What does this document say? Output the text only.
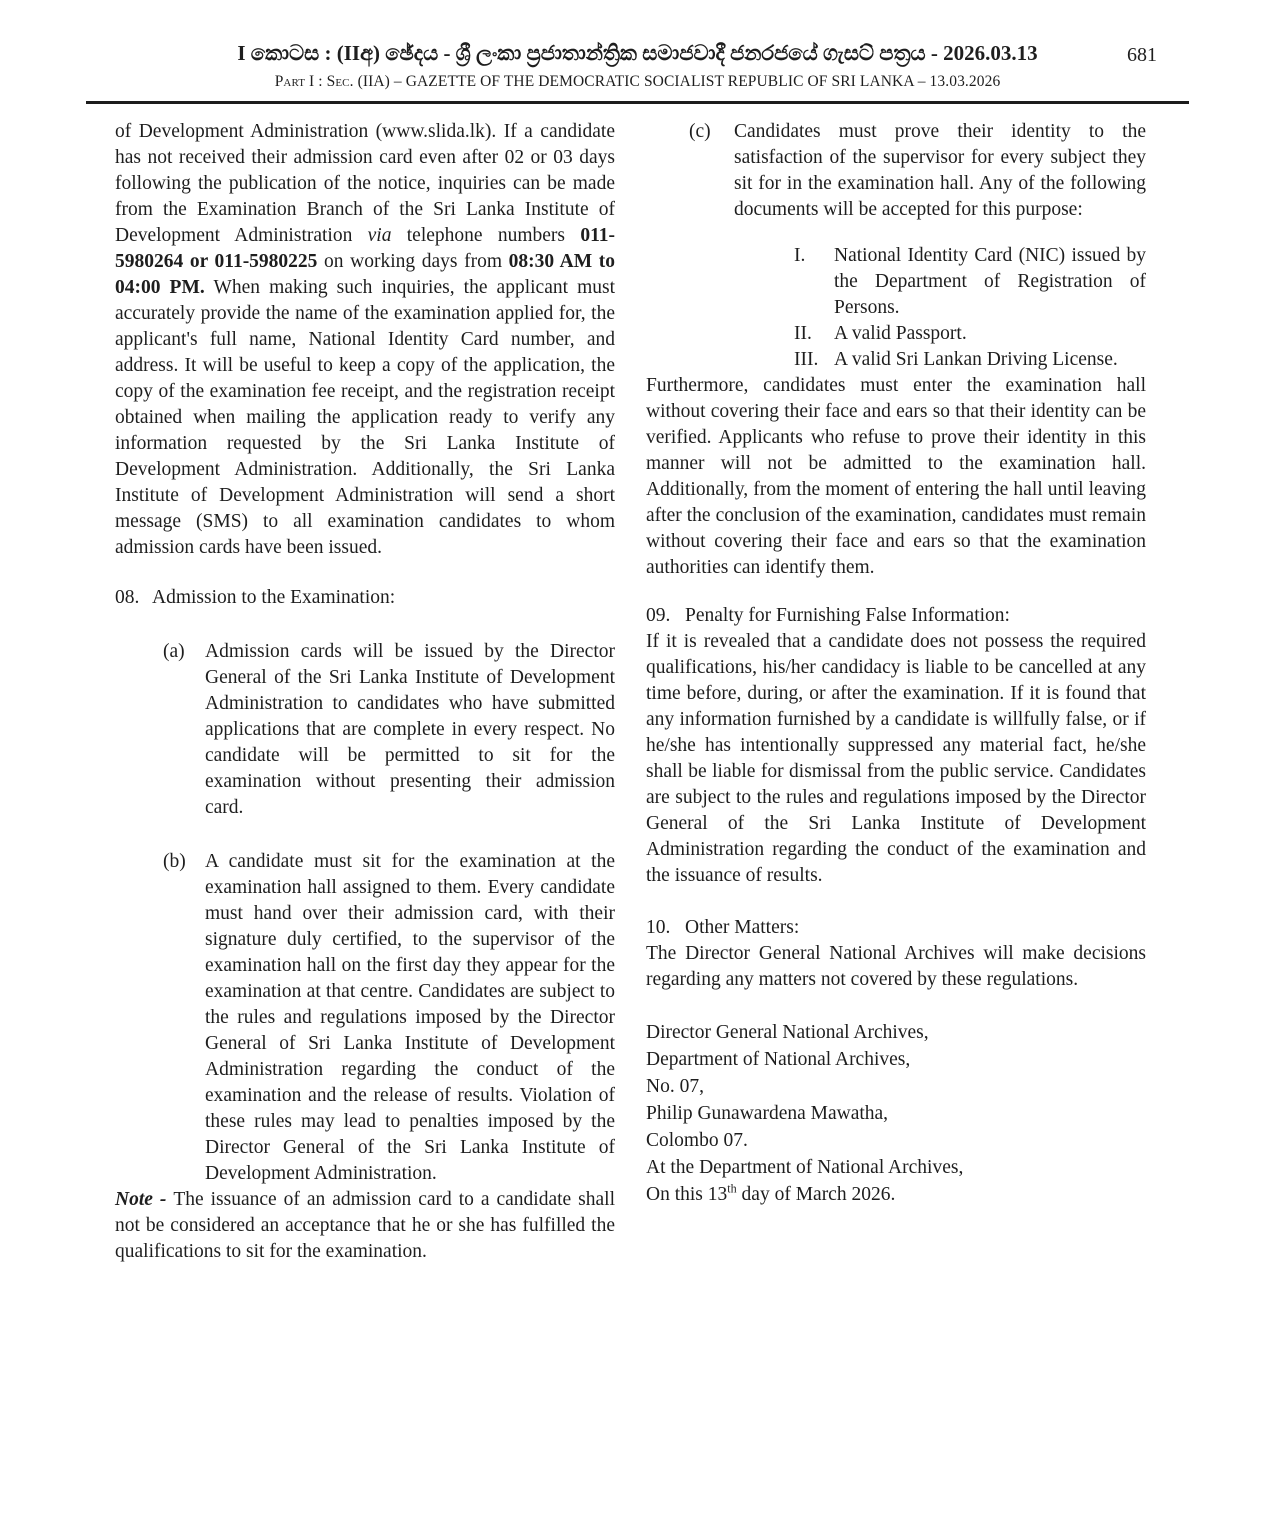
681
I කොටස : (IIඅ) ඡේදය - ශ්‍රී ලංකා ප්‍රජාතාන්ත්‍රික සමාජවාදී ජනරජයේ ගැසට් පත්‍රය - 2026.03.13
Part I : Sec. (IIA) – GAZETTE OF THE DEMOCRATIC SOCIALIST REPUBLIC OF SRI LANKA – 13.03.2026

of Development Administration (www.slida.lk). If a candidate has not received their admission card even after 02 or 03 days following the publication of the notice, inquiries can be made from the Examination Branch of the Sri Lanka Institute of Development Administration via telephone numbers 011-5980264 or 011-5980225 on working days from 08:30 AM to 04:00 PM. When making such inquiries, the applicant must accurately provide the name of the examination applied for, the applicant's full name, National Identity Card number, and address. It will be useful to keep a copy of the application, the copy of the examination fee receipt, and the registration receipt obtained when mailing the application ready to verify any information requested by the Sri Lanka Institute of Development Administration. Additionally, the Sri Lanka Institute of Development Administration will send a short message (SMS) to all examination candidates to whom admission cards have been issued.

08. Admission to the Examination:
(a)	Admission cards will be issued by the Director General of the Sri Lanka Institute of Development Administration to candidates who have submitted applications that are complete in every respect. No candidate will be permitted to sit for the examination without presenting their admission card.
(b) A candidate must sit for the examination at the examination hall assigned to them. Every candidate must hand over their admission card, with their signature duly certified, to the supervisor of the examination hall on the first day they appear for the examination at that centre. Candidates are subject to the rules and regulations imposed by the Director General of Sri Lanka Institute of Development Administration regarding the conduct of the examination and the release of results. Violation of these rules may lead to penalties imposed by the Director General of the Sri Lanka Institute of Development Administration.

Note - The issuance of an admission card to a candidate shall not be considered an acceptance that he or she has fulfilled the qualifications to sit for the examination.

(c)	Candidates must prove their identity to the satisfaction of the supervisor for every subject they sit for in the examination hall. Any of the following documents will be accepted for this purpose:
I.	National Identity Card (NIC) issued by the Department of Registration of Persons.
II.	A valid Passport.
III. A valid Sri Lankan Driving License.

Furthermore, candidates must enter the examination hall without covering their face and ears so that their identity can be verified. Applicants who refuse to prove their identity in this manner will not be admitted to the examination hall. Additionally, from the moment of entering the hall until leaving after the conclusion of the examination, candidates must remain without covering their face and ears so that the examination authorities can identify them.

09. Penalty for Furnishing False Information:

If it is revealed that a candidate does not possess the required qualifications, his/her candidacy is liable to be cancelled at any time before, during, or after the examination. If it is found that any information furnished by a candidate is willfully false, or if he/she has intentionally suppressed any material fact, he/she shall be liable for dismissal from the public service. Candidates are subject to the rules and regulations imposed by the Director General of the Sri Lanka Institute of Development Administration regarding the conduct of the examination and the issuance of results.

10. Other Matters:

The Director General National Archives will make decisions regarding any matters not covered by these regulations.

Director General National Archives,
Department of National Archives,
No. 07,
Philip Gunawardena Mawatha,
Colombo 07.
At the Department of National Archives,
On this 13th day of March 2026.
